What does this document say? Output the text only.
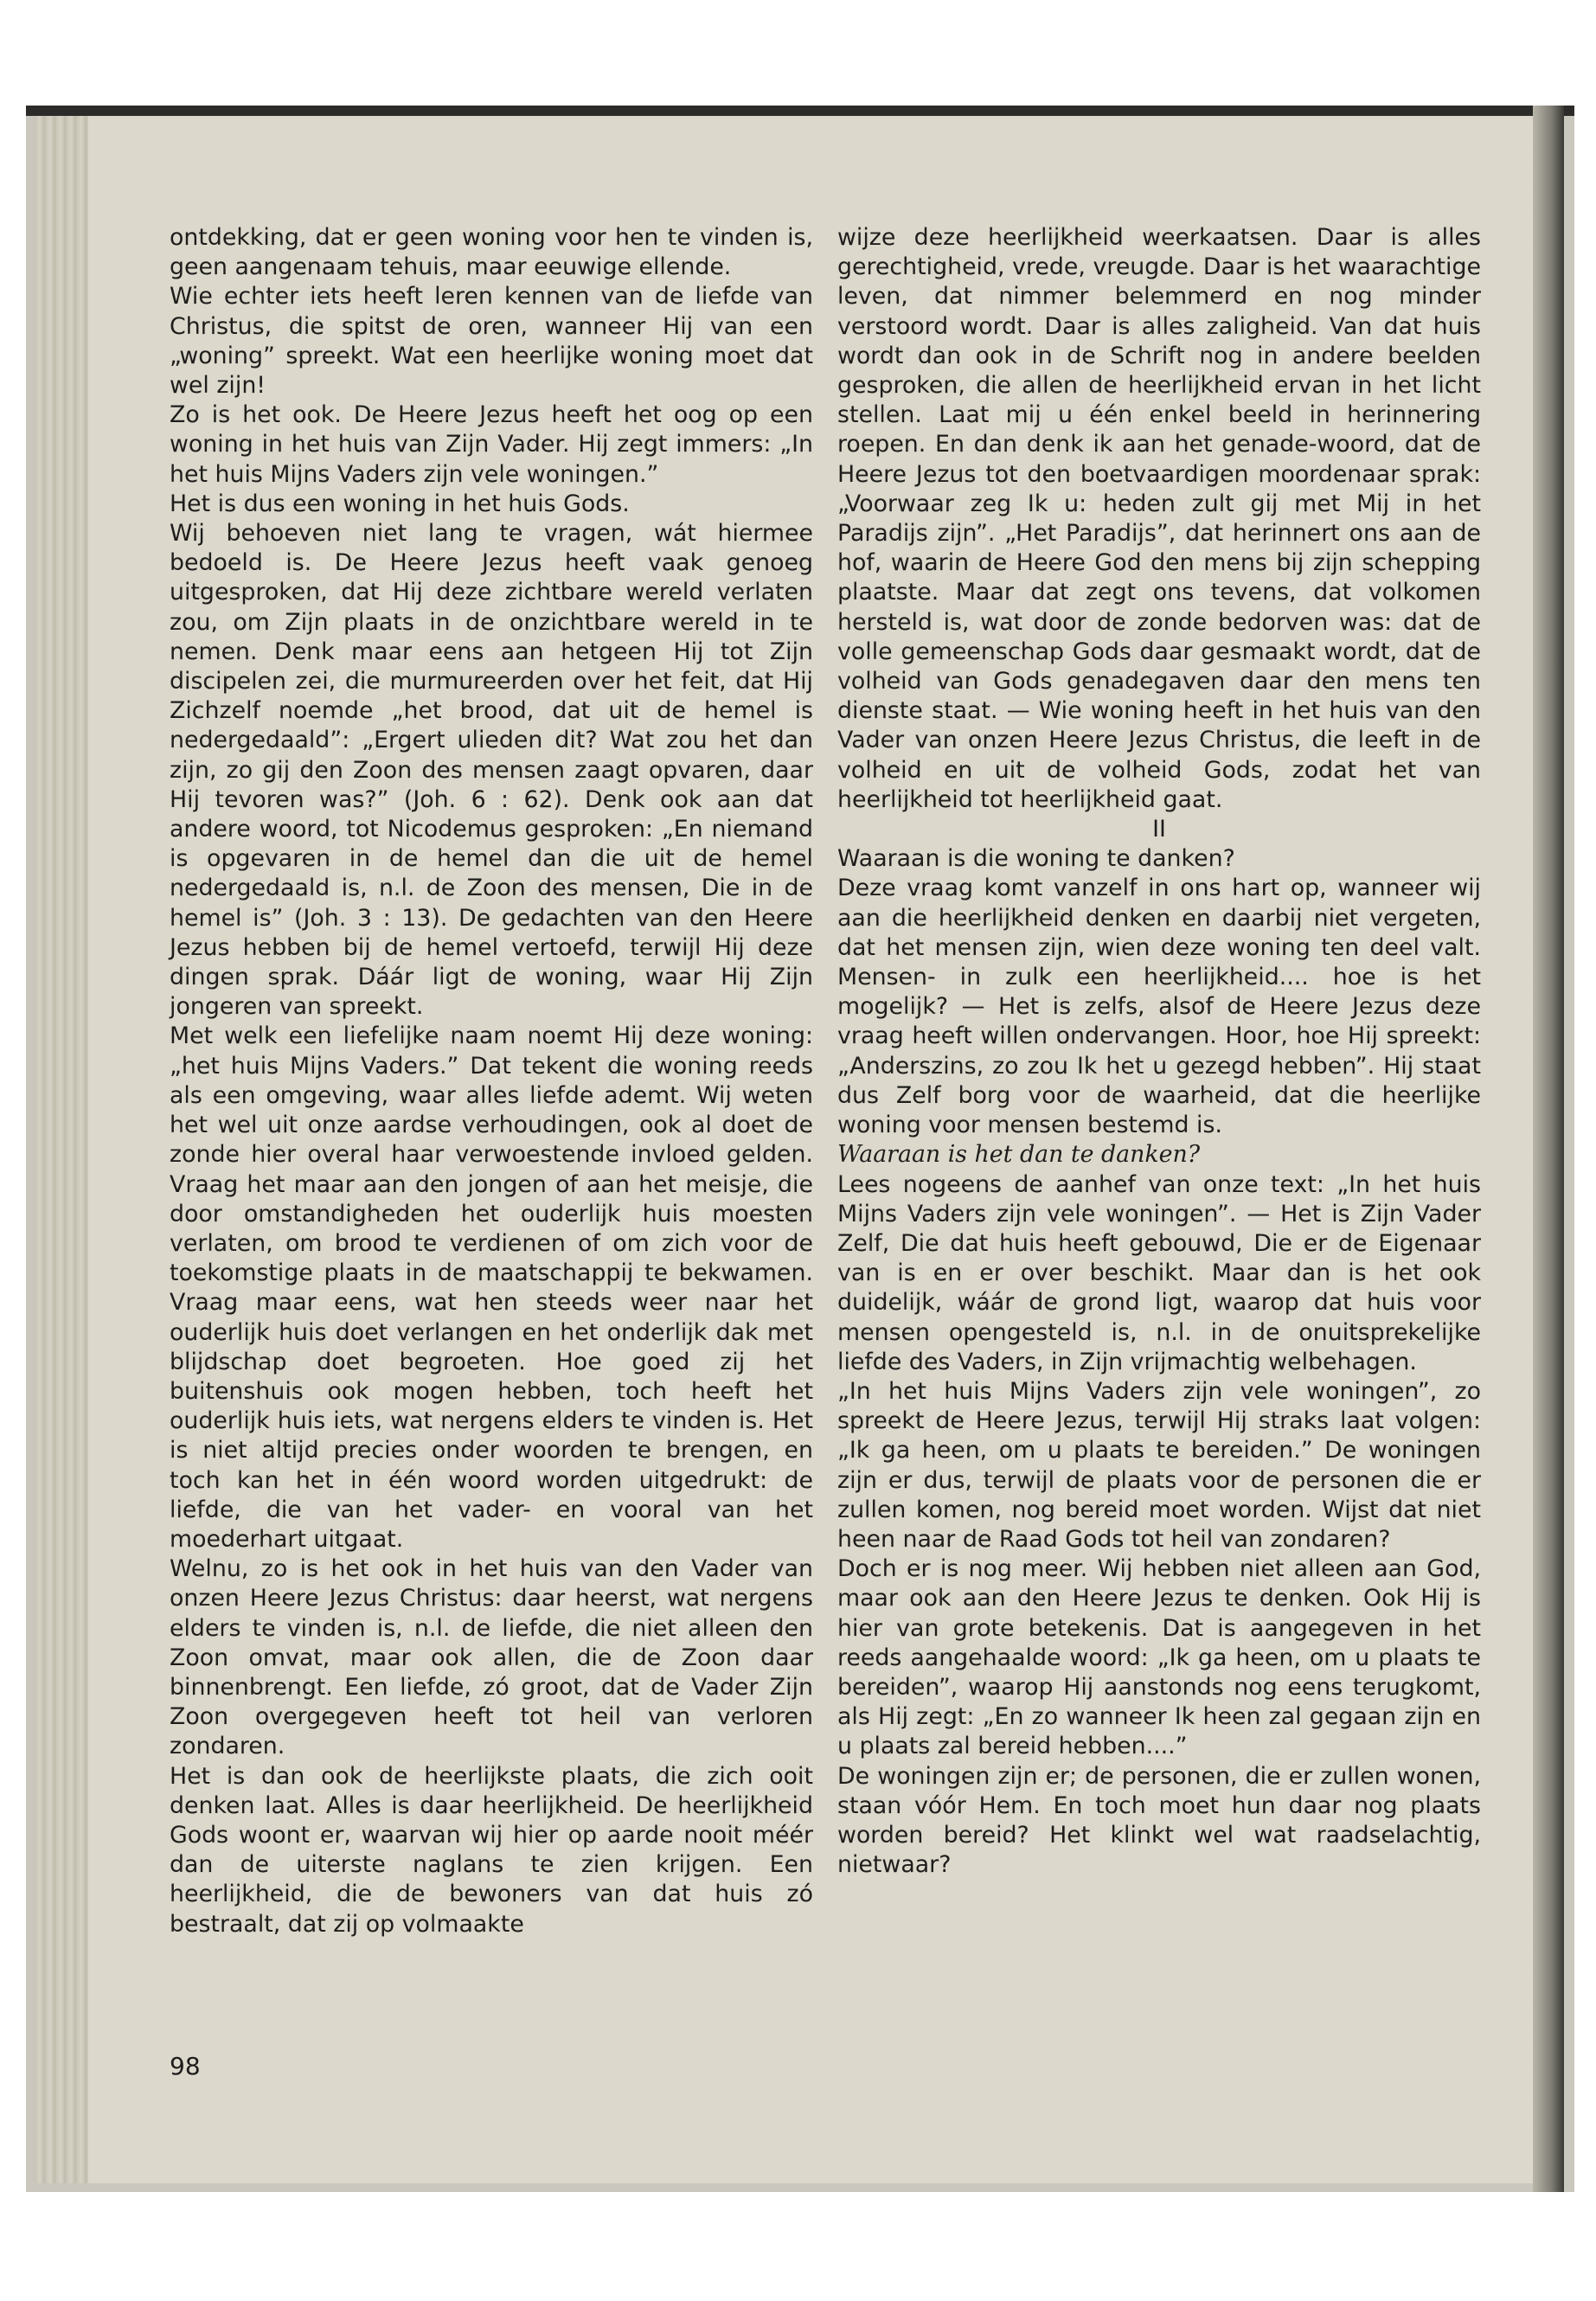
ontdekking, dat er geen woning voor hen te vinden is, geen aangenaam tehuis, maar eeuwige ellende.

Wie echter iets heeft leren kennen van de liefde van Christus, die spitst de oren, wanneer Hij van een „woning” spreekt. Wat een heerlijke woning moet dat wel zijn!

Zo is het ook. De Heere Jezus heeft het oog op een woning in het huis van Zijn Vader. Hij zegt immers: „In het huis Mijns Vaders zijn vele woningen.”

Het is dus een woning in het huis Gods.

Wij behoeven niet lang te vragen, wát hiermee bedoeld is. De Heere Jezus heeft vaak genoeg uitgesproken, dat Hij deze zichtbare wereld verlaten zou, om Zijn plaats in de onzichtbare wereld in te nemen. Denk maar eens aan hetgeen Hij tot Zijn discipelen zei, die murmureerden over het feit, dat Hij Zichzelf noemde „het brood, dat uit de hemel is nedergedaald”: „Ergert ulieden dit? Wat zou het dan zijn, zo gij den Zoon des mensen zaagt opvaren, daar Hij tevoren was?” (Joh. 6 : 62). Denk ook aan dat andere woord, tot Nicodemus gesproken: „En niemand is opgevaren in de hemel dan die uit de hemel nedergedaald is, n.l. de Zoon des mensen, Die in de hemel is” (Joh. 3 : 13). De gedachten van den Heere Jezus hebben bij de hemel vertoefd, terwijl Hij deze dingen sprak. Dáár ligt de woning, waar Hij Zijn jongeren van spreekt.

Met welk een liefelijke naam noemt Hij deze woning: „het huis Mijns Vaders.” Dat tekent die woning reeds als een omgeving, waar alles liefde ademt. Wij weten het wel uit onze aardse verhoudingen, ook al doet de zonde hier overal haar verwoestende invloed gelden. Vraag het maar aan den jongen of aan het meisje, die door omstandigheden het ouderlijk huis moesten verlaten, om brood te verdienen of om zich voor de toekomstige plaats in de maatschappij te bekwamen. Vraag maar eens, wat hen steeds weer naar het ouderlijk huis doet verlangen en het onderlijk dak met blijdschap doet begroeten. Hoe goed zij het buitenshuis ook mogen hebben, toch heeft het ouderlijk huis iets, wat nergens elders te vinden is. Het is niet altijd precies onder woorden te brengen, en toch kan het in één woord worden uitgedrukt: de liefde, die van het vader- en vooral van het moederhart uitgaat.

Welnu, zo is het ook in het huis van den Vader van onzen Heere Jezus Christus: daar heerst, wat nergens elders te vinden is, n.l. de liefde, die niet alleen den Zoon omvat, maar ook allen, die de Zoon daar binnenbrengt. Een liefde, zó groot, dat de Vader Zijn Zoon overgegeven heeft tot heil van verloren zondaren.

Het is dan ook de heerlijkste plaats, die zich ooit denken laat. Alles is daar heerlijkheid. De heerlijkheid Gods woont er, waarvan wij hier op aarde nooit méér dan de uiterste naglans te zien krijgen. Een heerlijkheid, die de bewoners van dat huis zó bestraalt, dat zij op volmaakte

wijze deze heerlijkheid weerkaatsen. Daar is alles gerechtigheid, vrede, vreugde. Daar is het waarachtige leven, dat nimmer belemmerd en nog minder verstoord wordt. Daar is alles zaligheid. Van dat huis wordt dan ook in de Schrift nog in andere beelden gesproken, die allen de heerlijkheid ervan in het licht stellen. Laat mij u één enkel beeld in herinnering roepen. En dan denk ik aan het genade-woord, dat de Heere Jezus tot den boetvaardigen moordenaar sprak: „Voorwaar zeg Ik u: heden zult gij met Mij in het Paradijs zijn”. „Het Paradijs”, dat herinnert ons aan de hof, waarin de Heere God den mens bij zijn schepping plaatste. Maar dat zegt ons tevens, dat volkomen hersteld is, wat door de zonde bedorven was: dat de volle gemeenschap Gods daar gesmaakt wordt, dat de volheid van Gods genadegaven daar den mens ten dienste staat. — Wie woning heeft in het huis van den Vader van onzen Heere Jezus Christus, die leeft in de volheid en uit de volheid Gods, zodat het van heerlijkheid tot heerlijkheid gaat.

II

Waaraan is die woning te danken?

Deze vraag komt vanzelf in ons hart op, wanneer wij aan die heerlijkheid denken en daarbij niet vergeten, dat het mensen zijn, wien deze woning ten deel valt. Mensen- in zulk een heerlijkheid.... hoe is het mogelijk? — Het is zelfs, alsof de Heere Jezus deze vraag heeft willen ondervangen. Hoor, hoe Hij spreekt: „Anderszins, zo zou Ik het u gezegd hebben”. Hij staat dus Zelf borg voor de waarheid, dat die heerlijke woning voor mensen bestemd is.

Waaraan is het dan te danken?

Lees nogeens de aanhef van onze text: „In het huis Mijns Vaders zijn vele woningen”. — Het is Zijn Vader Zelf, Die dat huis heeft gebouwd, Die er de Eigenaar van is en er over beschikt. Maar dan is het ook duidelijk, wáár de grond ligt, waarop dat huis voor mensen opengesteld is, n.l. in de onuitsprekelijke liefde des Vaders, in Zijn vrijmachtig welbehagen.

„In het huis Mijns Vaders zijn vele woningen”, zo spreekt de Heere Jezus, terwijl Hij straks laat volgen: „Ik ga heen, om u plaats te bereiden.” De woningen zijn er dus, terwijl de plaats voor de personen die er zullen komen, nog bereid moet worden. Wijst dat niet heen naar de Raad Gods tot heil van zondaren?

Doch er is nog meer. Wij hebben niet alleen aan God, maar ook aan den Heere Jezus te denken. Ook Hij is hier van grote betekenis. Dat is aangegeven in het reeds aangehaalde woord: „Ik ga heen, om u plaats te bereiden”, waarop Hij aanstonds nog eens terugkomt, als Hij zegt: „En zo wanneer Ik heen zal gegaan zijn en u plaats zal bereid hebben....”

De woningen zijn er; de personen, die er zullen wonen, staan vóór Hem. En toch moet hun daar nog plaats worden bereid? Het klinkt wel wat raadselachtig, nietwaar?

98
